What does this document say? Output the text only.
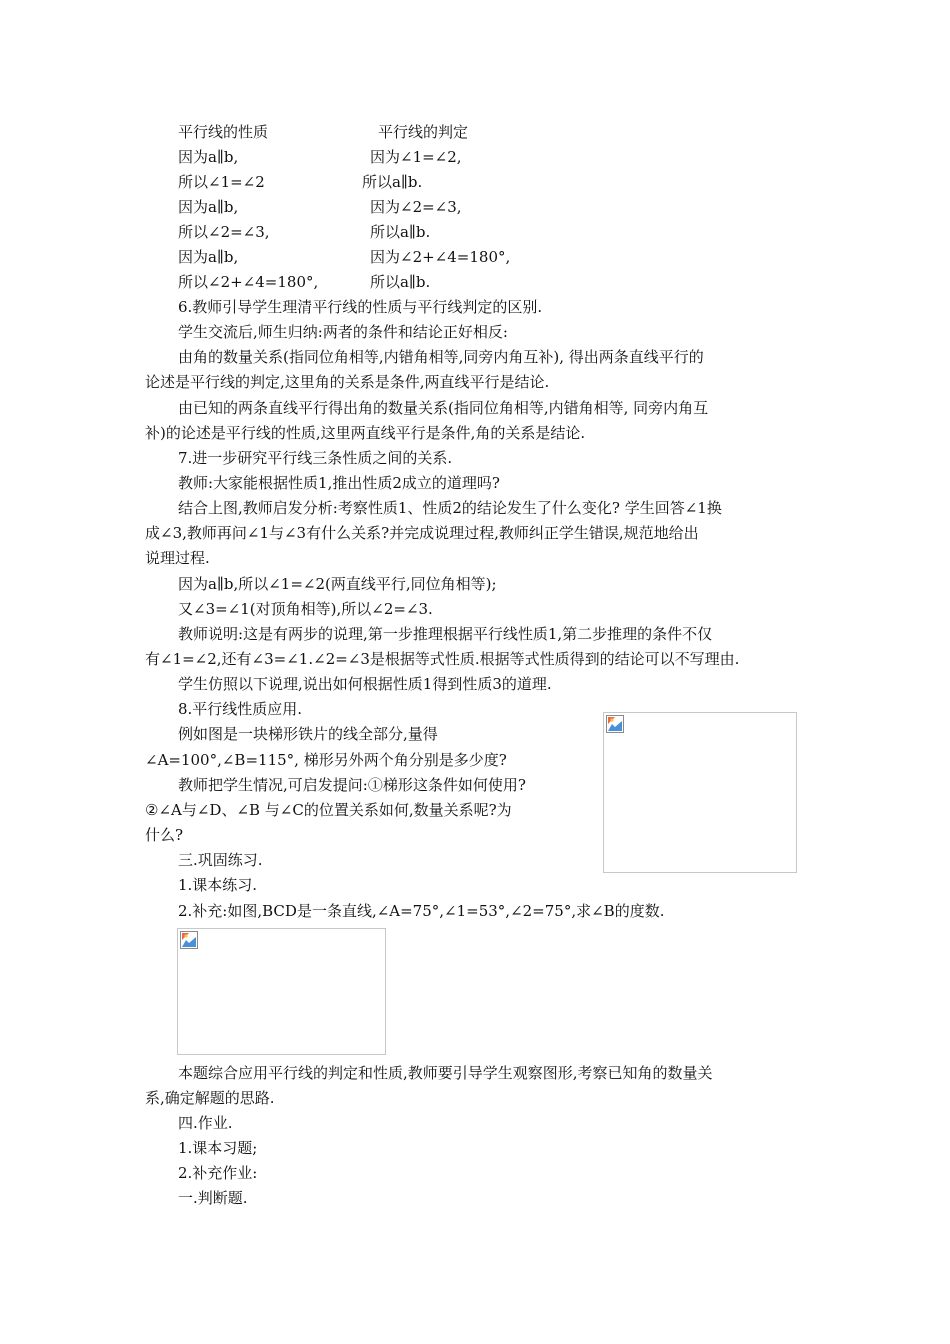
平行线的性质	平行线的判定
因为a∥b,	因为∠1=∠2,
所以∠1=∠2	所以a∥b.
因为a∥b,	因为∠2=∠3,
所以∠2=∠3,	所以a∥b.
因为a∥b,	因为∠2+∠4=180°,
所以∠2+∠4=180°,	所以a∥b.
6.教师引导学生理清平行线的性质与平行线判定的区别.
学生交流后,师生归纳:两者的条件和结论正好相反:
由角的数量关系(指同位角相等,内错角相等,同旁内角互补), 得出两条直线平行的
论述是平行线的判定,这里角的关系是条件,两直线平行是结论.
由已知的两条直线平行得出角的数量关系(指同位角相等,内错角相等, 同旁内角互
补)的论述是平行线的性质,这里两直线平行是条件,角的关系是结论.
7.进一步研究平行线三条性质之间的关系.
教师:大家能根据性质1,推出性质2成立的道理吗?
结合上图,教师启发分析:考察性质1、性质2的结论发生了什么变化? 学生回答∠1换
成∠3,教师再问∠1与∠3有什么关系?并完成说理过程,教师纠正学生错误,规范地给出
说理过程.
因为a∥b,所以∠1=∠2(两直线平行,同位角相等);
又∠3=∠1(对顶角相等),所以∠2=∠3.
教师说明:这是有两步的说理,第一步推理根据平行线性质1,第二步推理的条件不仅
有∠1=∠2,还有∠3=∠1.∠2=∠3是根据等式性质.根据等式性质得到的结论可以不写理由.
学生仿照以下说理,说出如何根据性质1得到性质3的道理.
8.平行线性质应用.
例如图是一块梯形铁片的线全部分,量得
∠A=100°,∠B=115°, 梯形另外两个角分别是多少度?
教师把学生情况,可启发提问:①梯形这条件如何使用?
②∠A与∠D、∠B 与∠C的位置关系如何,数量关系呢?为
什么?
三.巩固练习.
1.课本练习.
2.补充:如图,BCD是一条直线,∠A=75°,∠1=53°,∠2=75°,求∠B的度数.
本题综合应用平行线的判定和性质,教师要引导学生观察图形,考察已知角的数量关
系,确定解题的思路.
四.作业.
1.课本习题;
2.补充作业:
一.判断题.
